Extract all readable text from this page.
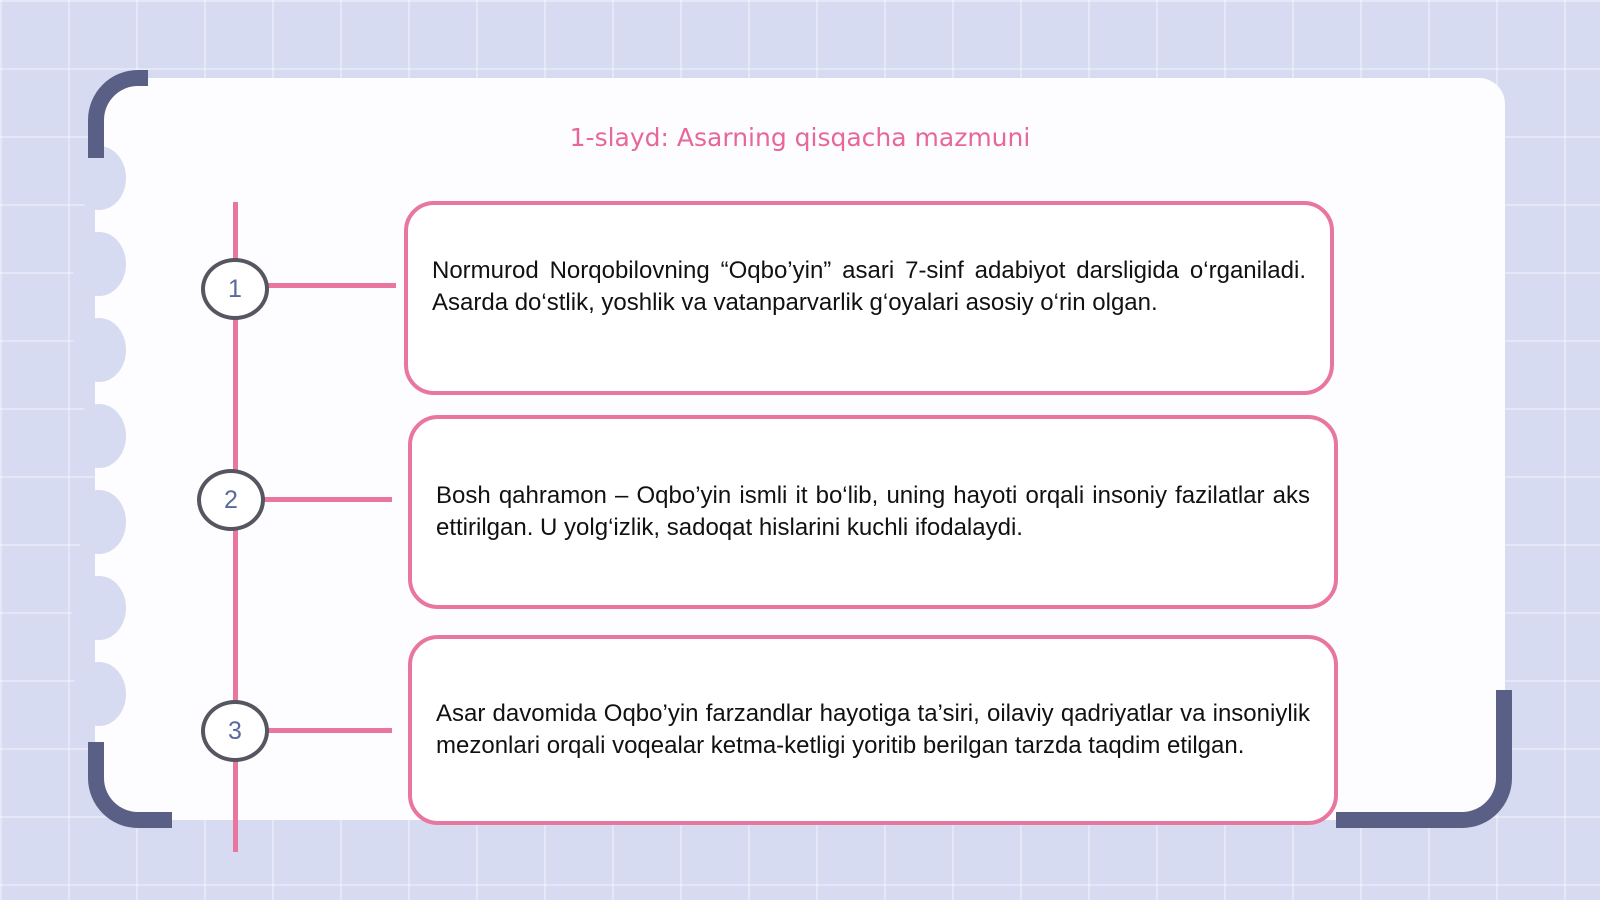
1-slayd: Asarning qisqacha mazmuni
1
2
3

Normurod Norqobilovning “Oqbo’yin” asari 7-sinf adabiyot darsligida o‘rganiladi. Asarda do‘stlik, yoshlik va vatanparvarlik g‘oyalari asosiy o‘rin olgan.

Bosh qahramon – Oqbo’yin ismli it bo‘lib, uning hayoti orqali insoniy fazilatlar aks ettirilgan. U yolg‘izlik, sadoqat hislarini kuchli ifodalaydi.

Asar davomida Oqbo’yin farzandlar hayotiga ta’siri, oilaviy qadriyatlar va insoniylik mezonlari orqali voqealar ketma-ketligi yoritib berilgan tarzda taqdim etilgan.
